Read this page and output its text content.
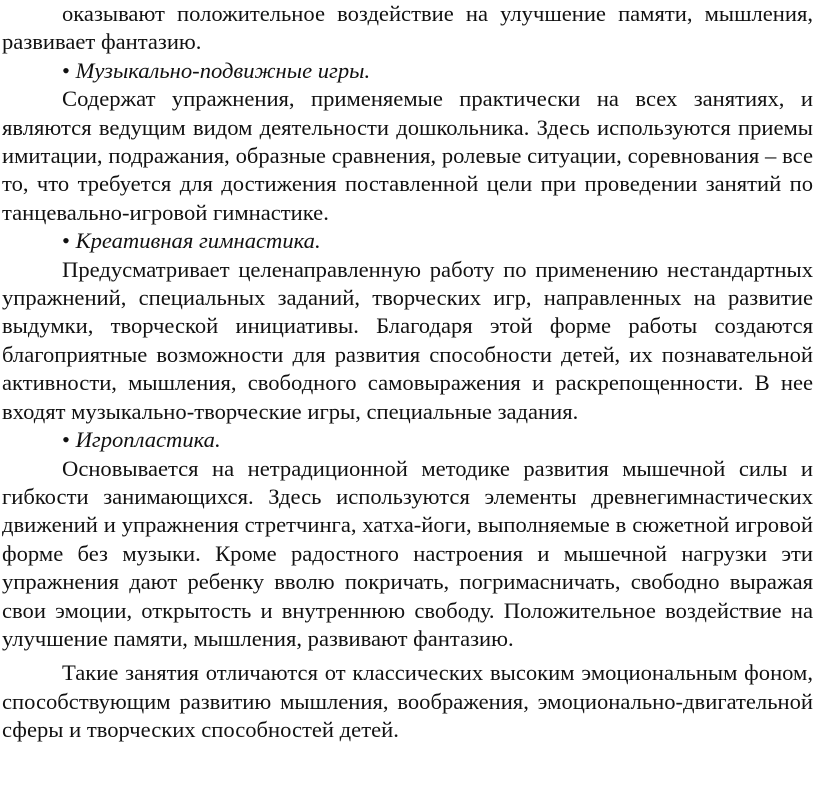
оказывают положительное воздействие на улучшение памяти, мышления, развивает фантазию.

• Музыкально-подвижные игры.

Содержат упражнения, применяемые практически на всех занятиях, и являются ведущим видом деятельности дошкольника. Здесь используются приемы имитации, подражания, образные сравнения, ролевые ситуации, соревнования – все то, что требуется для достижения поставленной цели при проведении занятий по танцевально-игровой гимнастике.

• Креативная гимнастика.

Предусматривает целенаправленную работу по применению нестандартных упражнений, специальных заданий, творческих игр, направленных на развитие выдумки, творческой инициативы. Благодаря этой форме работы создаются благоприятные возможности для развития способности детей, их познавательной активности, мышления, свободного самовыражения и раскрепощенности. В нее входят музыкально-творческие игры, специальные задания.

• Игропластика.

Основывается на нетрадиционной методике развития мышечной силы и гибкости занимающихся. Здесь используются элементы древнегимнастических движений и упражнения стретчинга, хатха-йоги, выполняемые в сюжетной игровой форме без музыки. Кроме радостного настроения и мышечной нагрузки эти упражнения дают ребенку вволю покричать, погримасничать, свободно выражая свои эмоции, открытость и внутреннюю свободу. Положительное воздействие на улучшение памяти, мышления, развивают фантазию.

Такие занятия отличаются от классических высоким эмоциональным фоном, способствующим развитию мышления, воображения, эмоционально-двигательной сферы и творческих способностей детей.
